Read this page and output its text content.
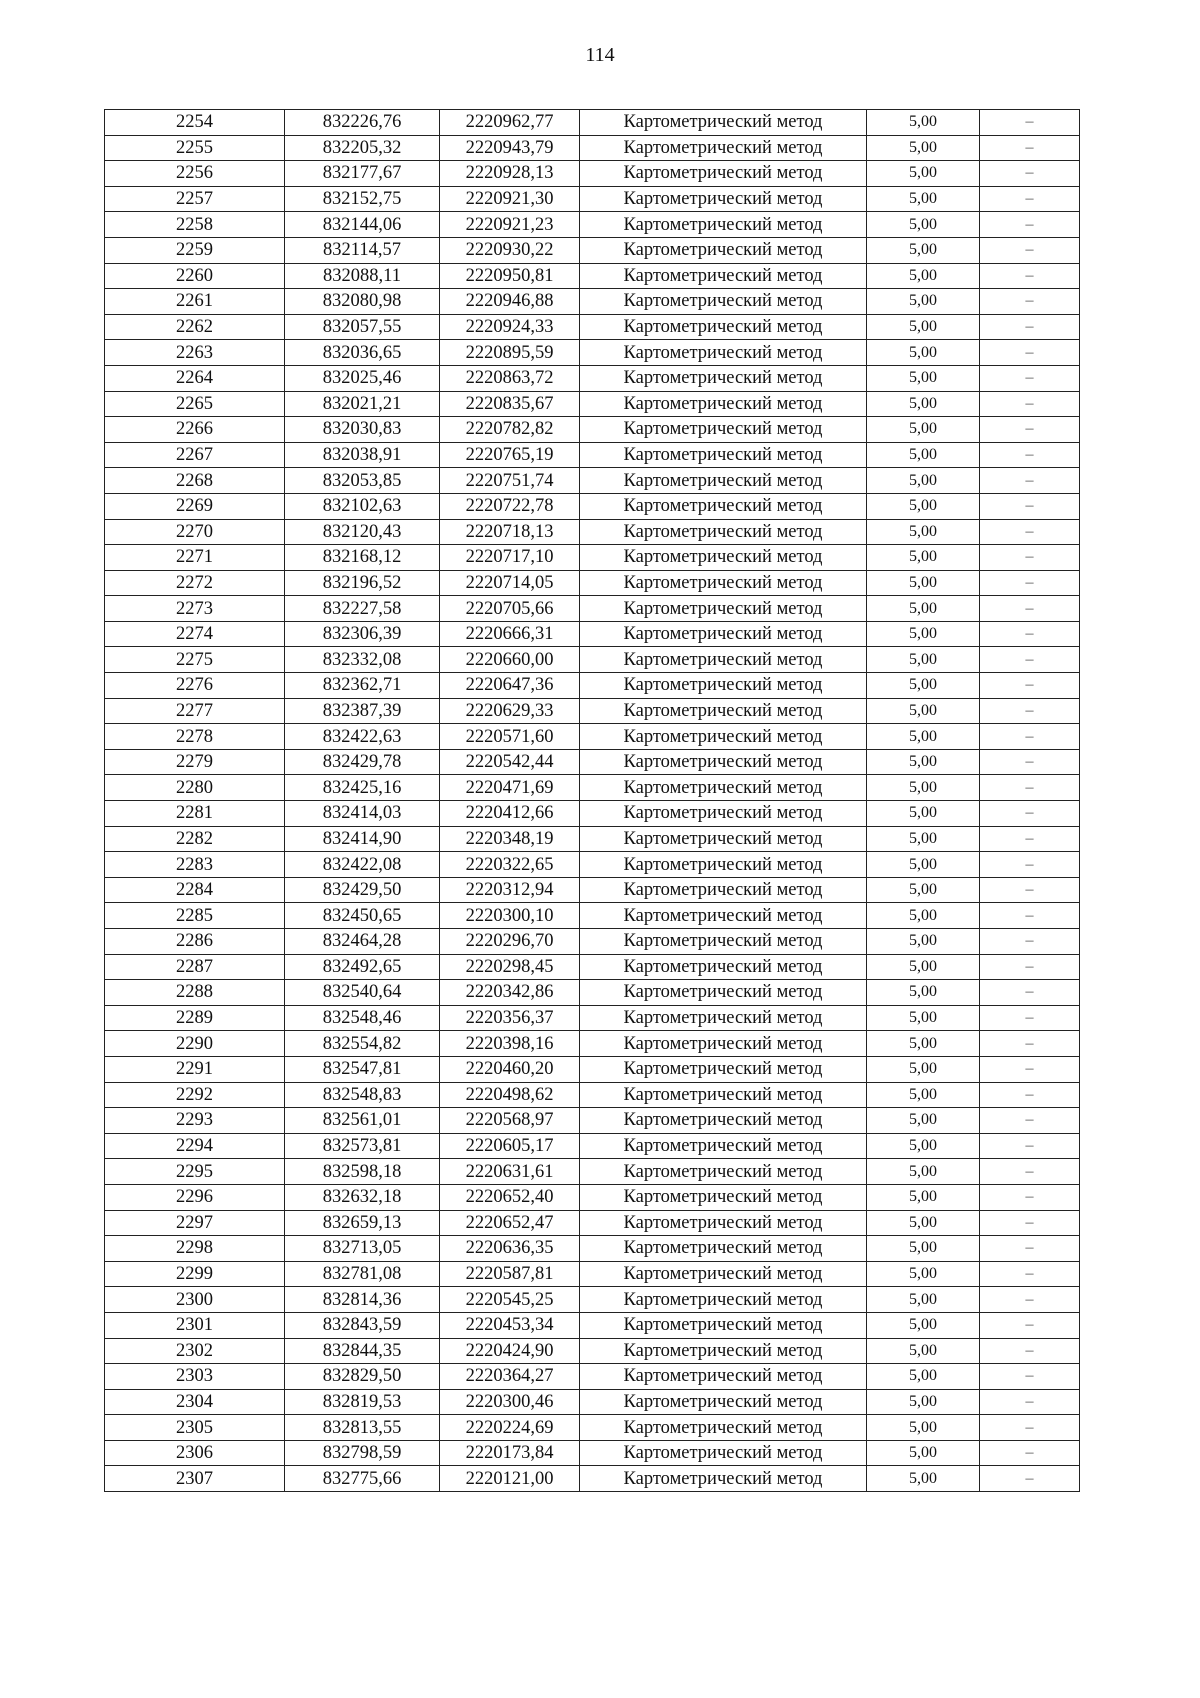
114
2254	832226,76	2220962,77	Картометрический метод	5,00	–
2255	832205,32	2220943,79	Картометрический метод	5,00	–
2256	832177,67	2220928,13	Картометрический метод	5,00	–
2257	832152,75	2220921,30	Картометрический метод	5,00	–
2258	832144,06	2220921,23	Картометрический метод	5,00	–
2259	832114,57	2220930,22	Картометрический метод	5,00	–
2260	832088,11	2220950,81	Картометрический метод	5,00	–
2261	832080,98	2220946,88	Картометрический метод	5,00	–
2262	832057,55	2220924,33	Картометрический метод	5,00	–
2263	832036,65	2220895,59	Картометрический метод	5,00	–
2264	832025,46	2220863,72	Картометрический метод	5,00	–
2265	832021,21	2220835,67	Картометрический метод	5,00	–
2266	832030,83	2220782,82	Картометрический метод	5,00	–
2267	832038,91	2220765,19	Картометрический метод	5,00	–
2268	832053,85	2220751,74	Картометрический метод	5,00	–
2269	832102,63	2220722,78	Картометрический метод	5,00	–
2270	832120,43	2220718,13	Картометрический метод	5,00	–
2271	832168,12	2220717,10	Картометрический метод	5,00	–
2272	832196,52	2220714,05	Картометрический метод	5,00	–
2273	832227,58	2220705,66	Картометрический метод	5,00	–
2274	832306,39	2220666,31	Картометрический метод	5,00	–
2275	832332,08	2220660,00	Картометрический метод	5,00	–
2276	832362,71	2220647,36	Картометрический метод	5,00	–
2277	832387,39	2220629,33	Картометрический метод	5,00	–
2278	832422,63	2220571,60	Картометрический метод	5,00	–
2279	832429,78	2220542,44	Картометрический метод	5,00	–
2280	832425,16	2220471,69	Картометрический метод	5,00	–
2281	832414,03	2220412,66	Картометрический метод	5,00	–
2282	832414,90	2220348,19	Картометрический метод	5,00	–
2283	832422,08	2220322,65	Картометрический метод	5,00	–
2284	832429,50	2220312,94	Картометрический метод	5,00	–
2285	832450,65	2220300,10	Картометрический метод	5,00	–
2286	832464,28	2220296,70	Картометрический метод	5,00	–
2287	832492,65	2220298,45	Картометрический метод	5,00	–
2288	832540,64	2220342,86	Картометрический метод	5,00	–
2289	832548,46	2220356,37	Картометрический метод	5,00	–
2290	832554,82	2220398,16	Картометрический метод	5,00	–
2291	832547,81	2220460,20	Картометрический метод	5,00	–
2292	832548,83	2220498,62	Картометрический метод	5,00	–
2293	832561,01	2220568,97	Картометрический метод	5,00	–
2294	832573,81	2220605,17	Картометрический метод	5,00	–
2295	832598,18	2220631,61	Картометрический метод	5,00	–
2296	832632,18	2220652,40	Картометрический метод	5,00	–
2297	832659,13	2220652,47	Картометрический метод	5,00	–
2298	832713,05	2220636,35	Картометрический метод	5,00	–
2299	832781,08	2220587,81	Картометрический метод	5,00	–
2300	832814,36	2220545,25	Картометрический метод	5,00	–
2301	832843,59	2220453,34	Картометрический метод	5,00	–
2302	832844,35	2220424,90	Картометрический метод	5,00	–
2303	832829,50	2220364,27	Картометрический метод	5,00	–
2304	832819,53	2220300,46	Картометрический метод	5,00	–
2305	832813,55	2220224,69	Картометрический метод	5,00	–
2306	832798,59	2220173,84	Картометрический метод	5,00	–
2307	832775,66	2220121,00	Картометрический метод	5,00	–
